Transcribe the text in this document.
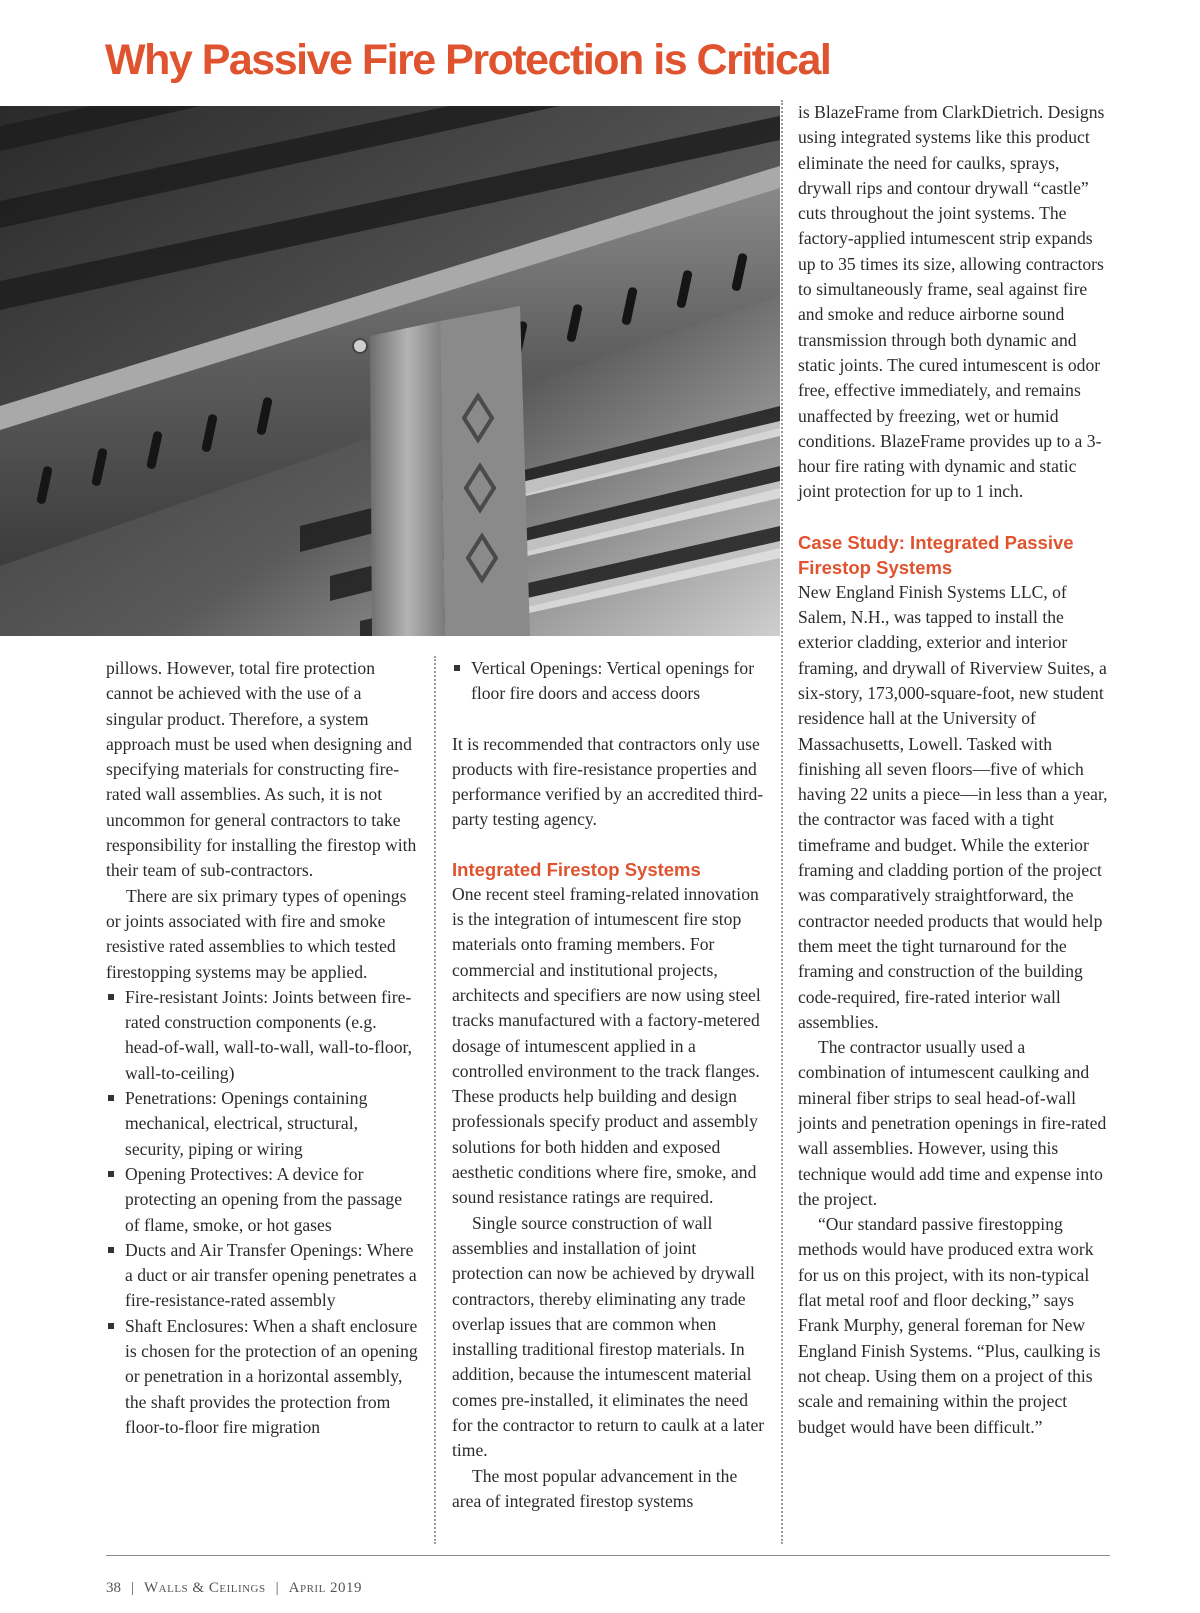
Why Passive Fire Protection is Critical

pillows. However, total fire protection cannot be achieved with the use of a singular product. Therefore, a system approach must be used when designing and specifying materials for constructing fire-rated wall assemblies. As such, it is not uncommon for general contractors to take responsibility for installing the firestop with their team of sub-contractors.

There are six primary types of openings or joints associated with fire and smoke resistive rated assemblies to which tested firestopping systems may be applied.

Fire-resistant Joints: Joints between fire-rated construction components (e.g. head-of-wall, wall-to-wall, wall-to-floor, wall-to-ceiling)
Penetrations: Openings containing mechanical, electrical, structural, security, piping or wiring
Opening Protectives: A device for protecting an opening from the passage of flame, smoke, or hot gases
Ducts and Air Transfer Openings: Where a duct or air transfer opening penetrates a fire-resistance-rated assembly
Shaft Enclosures: When a shaft enclosure is chosen for the protection of an opening or penetration in a horizontal assembly, the shaft provides the protection from floor-to-floor fire migration
Vertical Openings: Vertical openings for floor fire doors and access doors

It is recommended that contractors only use products with fire-resistance properties and performance verified by an accredited third-party testing agency.

Integrated Firestop Systems

One recent steel framing-related innovation is the integration of intumescent fire stop materials onto framing members. For commercial and institutional projects, architects and specifiers are now using steel tracks manufactured with a factory-metered dosage of intumescent applied in a controlled environment to the track flanges. These products help building and design professionals specify product and assembly solutions for both hidden and exposed aesthetic conditions where fire, smoke, and sound resistance ratings are required.

Single source construction of wall assemblies and installation of joint protection can now be achieved by drywall contractors, thereby eliminating any trade overlap issues that are common when installing traditional firestop materials. In addition, because the intumescent material comes pre-installed, it eliminates the need for the contractor to return to caulk at a later time.

The most popular advancement in the area of integrated firestop systems

is BlazeFrame from ClarkDietrich. Designs using integrated systems like this product eliminate the need for caulks, sprays, drywall rips and contour drywall “castle” cuts throughout the joint systems. The factory-applied intumescent strip expands up to 35 times its size, allowing contractors to simultaneously frame, seal against fire and smoke and reduce airborne sound transmission through both dynamic and static joints. The cured intumescent is odor free, effective immediately, and remains unaffected by freezing, wet or humid conditions. BlazeFrame provides up to a 3-hour fire rating with dynamic and static joint protection for up to 1 inch.

Case Study: Integrated Passive Firestop Systems

New England Finish Systems LLC, of Salem, N.H., was tapped to install the exterior cladding, exterior and interior framing, and drywall of Riverview Suites, a six-story, 173,000-square-foot, new student residence hall at the University of Massachusetts, Lowell. Tasked with finishing all seven floors—five of which having 22 units a piece—in less than a year, the contractor was faced with a tight timeframe and budget. While the exterior framing and cladding portion of the project was comparatively straightforward, the contractor needed products that would help them meet the tight turnaround for the framing and construction of the building code-required, fire-rated interior wall assemblies.

The contractor usually used a combination of intumescent caulking and mineral fiber strips to seal head-of-wall joints and penetration openings in fire-rated wall assemblies. However, using this technique would add time and expense into the project.

“Our standard passive firestopping methods would have produced extra work for us on this project, with its non-typical flat metal roof and floor decking,” says Frank Murphy, general foreman for New England Finish Systems. “Plus, caulking is not cheap. Using them on a project of this scale and remaining within the project budget would have been difficult.”

38 | Walls & Ceilings | April 2019
